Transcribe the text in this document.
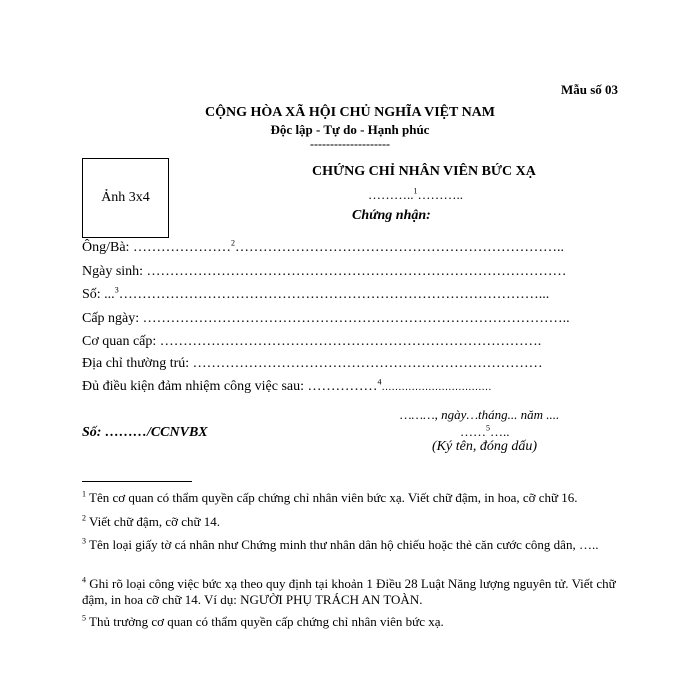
Mẫu số 03
CỘNG HÒA XÃ HỘI CHỦ NGHĨA VIỆT NAM
Độc lập - Tự do - Hạnh phúc
--------------------
Ảnh 3x4
CHỨNG CHỈ NHÂN VIÊN BỨC XẠ
………..$^1$………..
Chứng nhận:
Ông/Bà: …………………$^2$……………………………………………………………..
Ngày sinh: ………………………………………………………………………………
Số: ...$^3$………………………………………………………………………………...
Cấp ngày: ………………………………………………………………………………..
Cơ quan cấp: ……………………………………………………………………….
Địa chỉ thường trú: …………………………………………………………………
Đủ điều kiện đảm nhiệm công việc sau: ……………$^4$……………………………
………, ngày…tháng... năm ....
……$^5$…..
Số: ………/CCNVBX
(Ký tên, đóng dấu)
$^1$ Tên cơ quan có thẩm quyền cấp chứng chỉ nhân viên bức xạ. Viết chữ đậm, in hoa, cỡ chữ 16.
$^2$ Viết chữ đậm, cỡ chữ 14.
$^3$ Tên loại giấy tờ cá nhân như Chứng minh thư nhân dân hộ chiếu hoặc thẻ căn cước công dân, …..
$^4$ Ghi rõ loại công việc bức xạ theo quy định tại khoản 1 Điều 28 Luật Năng lượng nguyên tử. Viết chữ đậm, in hoa cỡ chữ 14. Ví dụ: NGƯỜI PHỤ TRÁCH AN TOÀN.
$^5$ Thủ trưởng cơ quan có thẩm quyền cấp chứng chỉ nhân viên bức xạ.
